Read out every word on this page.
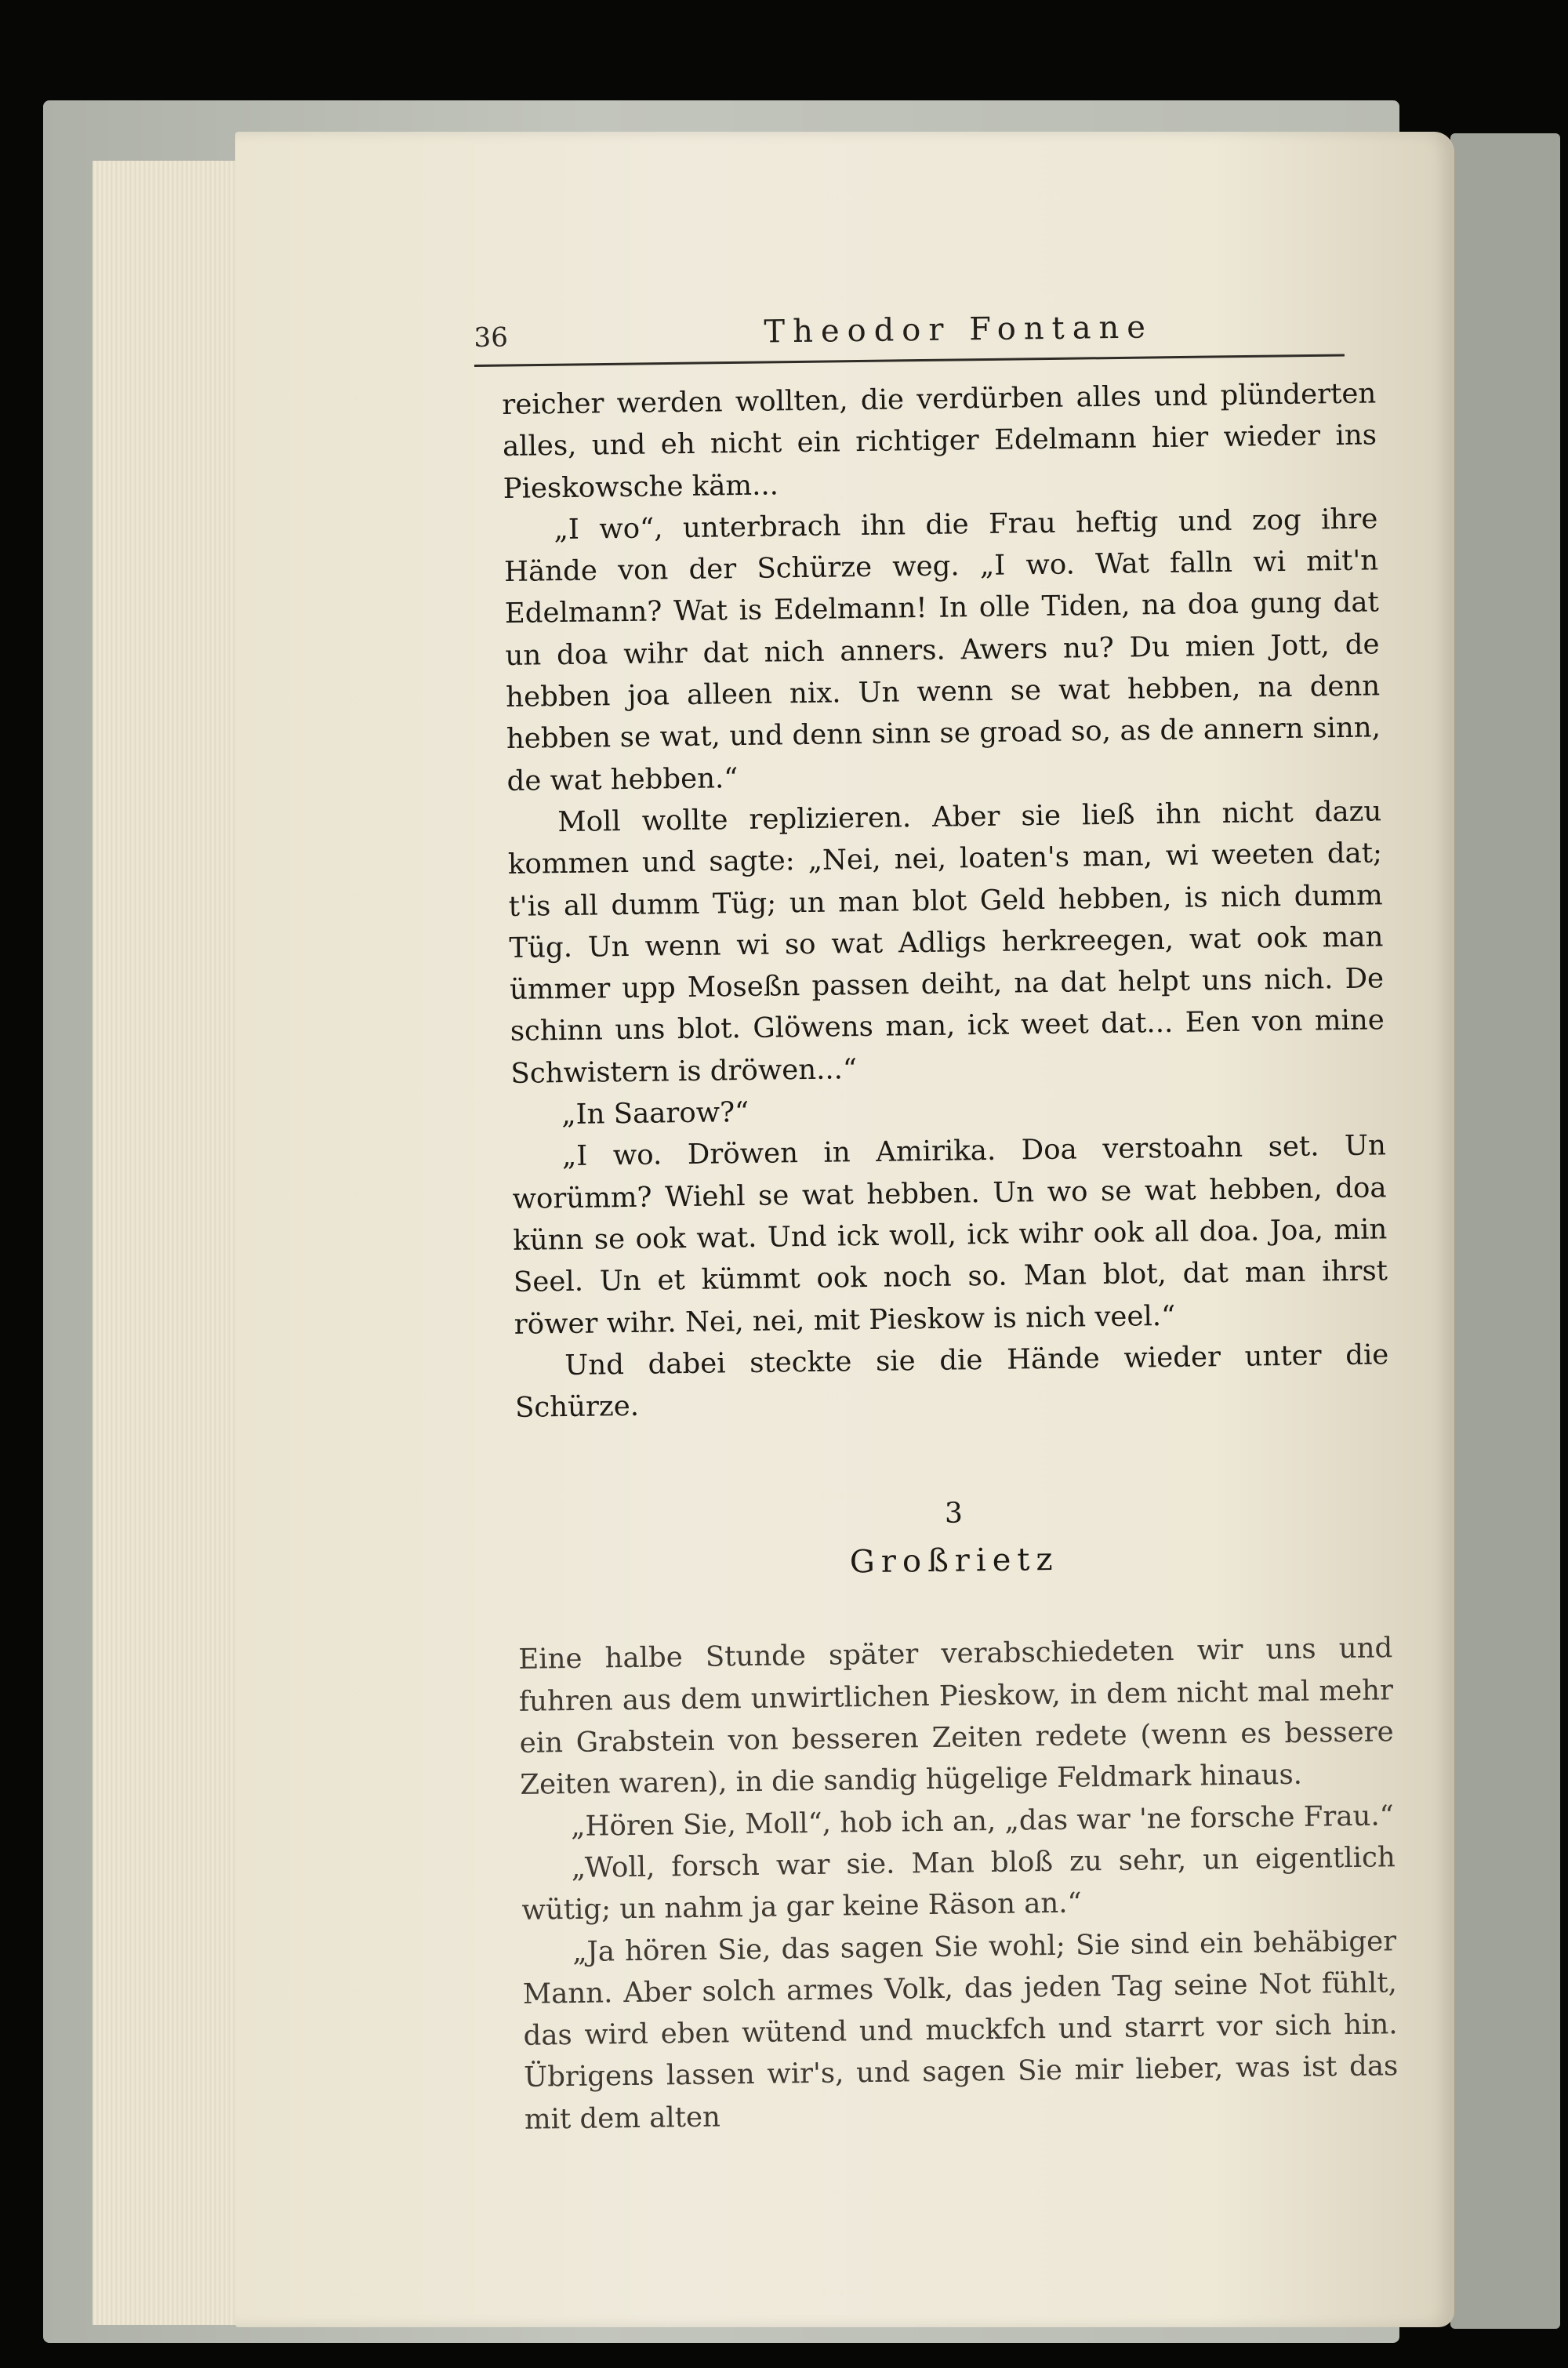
36	Theodor Fontane

reicher werden wollten, die verdürben alles und plünderten alles, und eh nicht ein richtiger Edelmann hier wieder ins Pieskowsche käm...

„I wo“, unterbrach ihn die Frau heftig und zog ihre Hände von der Schürze weg. „I wo. Wat falln wi mit'n Edelmann? Wat is Edelmann! In olle Tiden, na doa gung dat un doa wihr dat nich anners. Awers nu? Du mien Jott, de hebben joa alleen nix. Un wenn se wat hebben, na denn hebben se wat, und denn sinn se groad so, as de annern sinn, de wat hebben.“

Moll wollte replizieren. Aber sie ließ ihn nicht dazu kommen und sagte: „Nei, nei, loaten's man, wi weeten dat; t'is all dumm Tüg; un man blot Geld hebben, is nich dumm Tüg. Un wenn wi so wat Adligs herkreegen, wat ook man ümmer upp Moseßn passen deiht, na dat helpt uns nich. De schinn uns blot. Glöwens man, ick weet dat... Een von mine Schwistern is dröwen...“

„In Saarow?“

„I wo. Dröwen in Amirika. Doa verstoahn set. Un worümm? Wiehl se wat hebben. Un wo se wat hebben, doa künn se ook wat. Und ick woll, ick wihr ook all doa. Joa, min Seel. Un et kümmt ook noch so. Man blot, dat man ihrst röwer wihr. Nei, nei, mit Pieskow is nich veel.“

Und dabei steckte sie die Hände wieder unter die Schürze.

3
Großrietz

Eine halbe Stunde später verabschiedeten wir uns und fuhren aus dem unwirtlichen Pieskow, in dem nicht mal mehr ein Grabstein von besseren Zeiten redete (wenn es bessere Zeiten waren), in die sandig hügelige Feldmark hinaus.

„Hören Sie, Moll“, hob ich an, „das war 'ne forsche Frau.“

„Woll, forsch war sie. Man bloß zu sehr, un eigentlich wütig; un nahm ja gar keine Räson an.“

„Ja hören Sie, das sagen Sie wohl; Sie sind ein behäbiger Mann. Aber solch armes Volk, das jeden Tag seine Not fühlt, das wird eben wütend und muckfch und starrt vor sich hin. Übrigens lassen wir's, und sagen Sie mir lieber, was ist das mit dem alten
